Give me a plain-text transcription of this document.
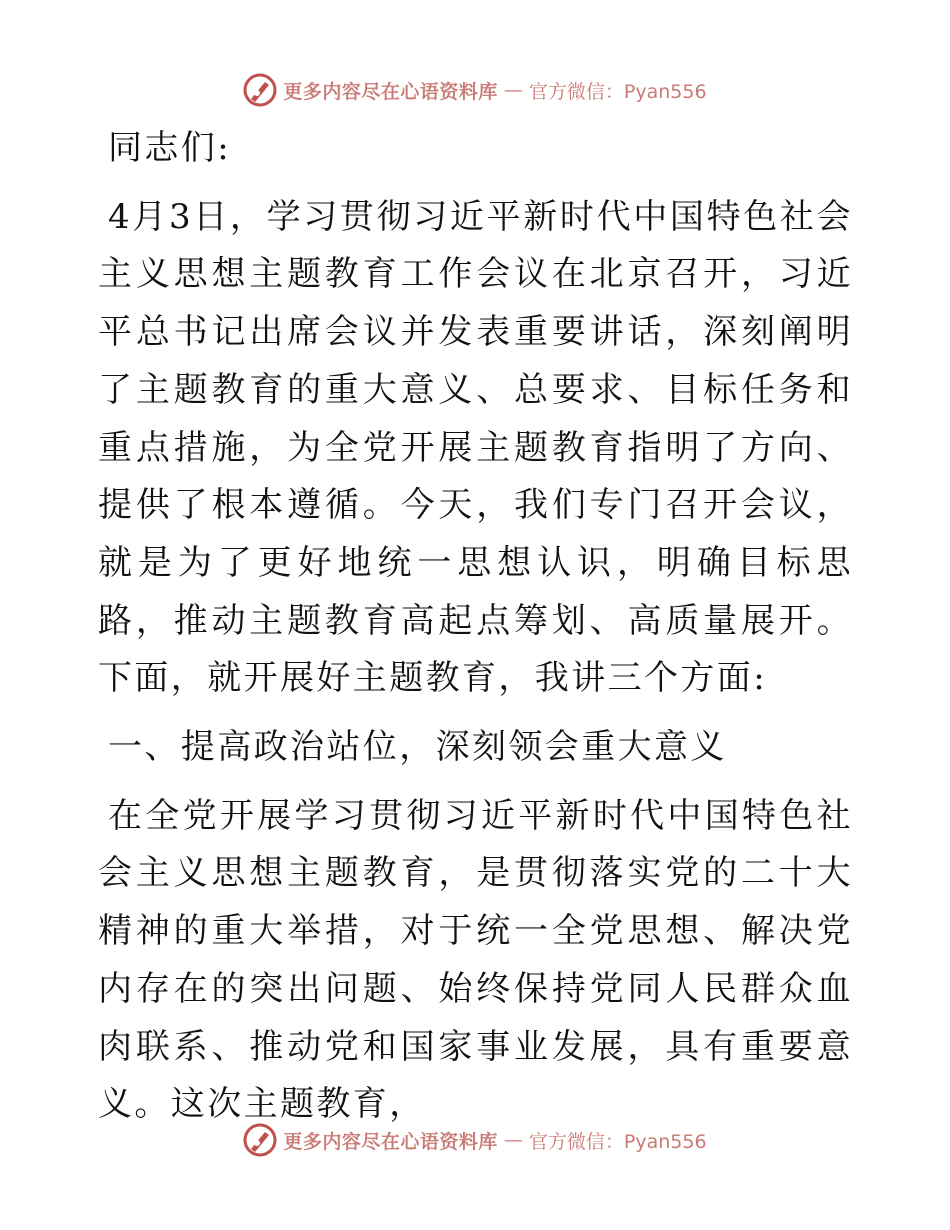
更多内容尽在心语资料库 — 官方微信：Pyan556

同志们:

4月3日，学习贯彻习近平新时代中国特色社会主义思想主题教育工作会议在北京召开，习近平总书记出席会议并发表重要讲话，深刻阐明了主题教育的重大意义、总要求、目标任务和重点措施，为全党开展主题教育指明了方向、提供了根本遵循。今天，我们专门召开会议，就是为了更好地统一思想认识，明确目标思路，推动主题教育高起点筹划、高质量展开。下面，就开展好主题教育，我讲三个方面:

一、提高政治站位，深刻领会重大意义

在全党开展学习贯彻习近平新时代中国特色社会主义思想主题教育，是贯彻落实党的二十大精神的重大举措，对于统一全党思想、解决党内存在的突出问题、始终保持党同人民群众血肉联系、推动党和国家事业发展，具有重要意义。这次主题教育，

更多内容尽在心语资料库 — 官方微信：Pyan556
